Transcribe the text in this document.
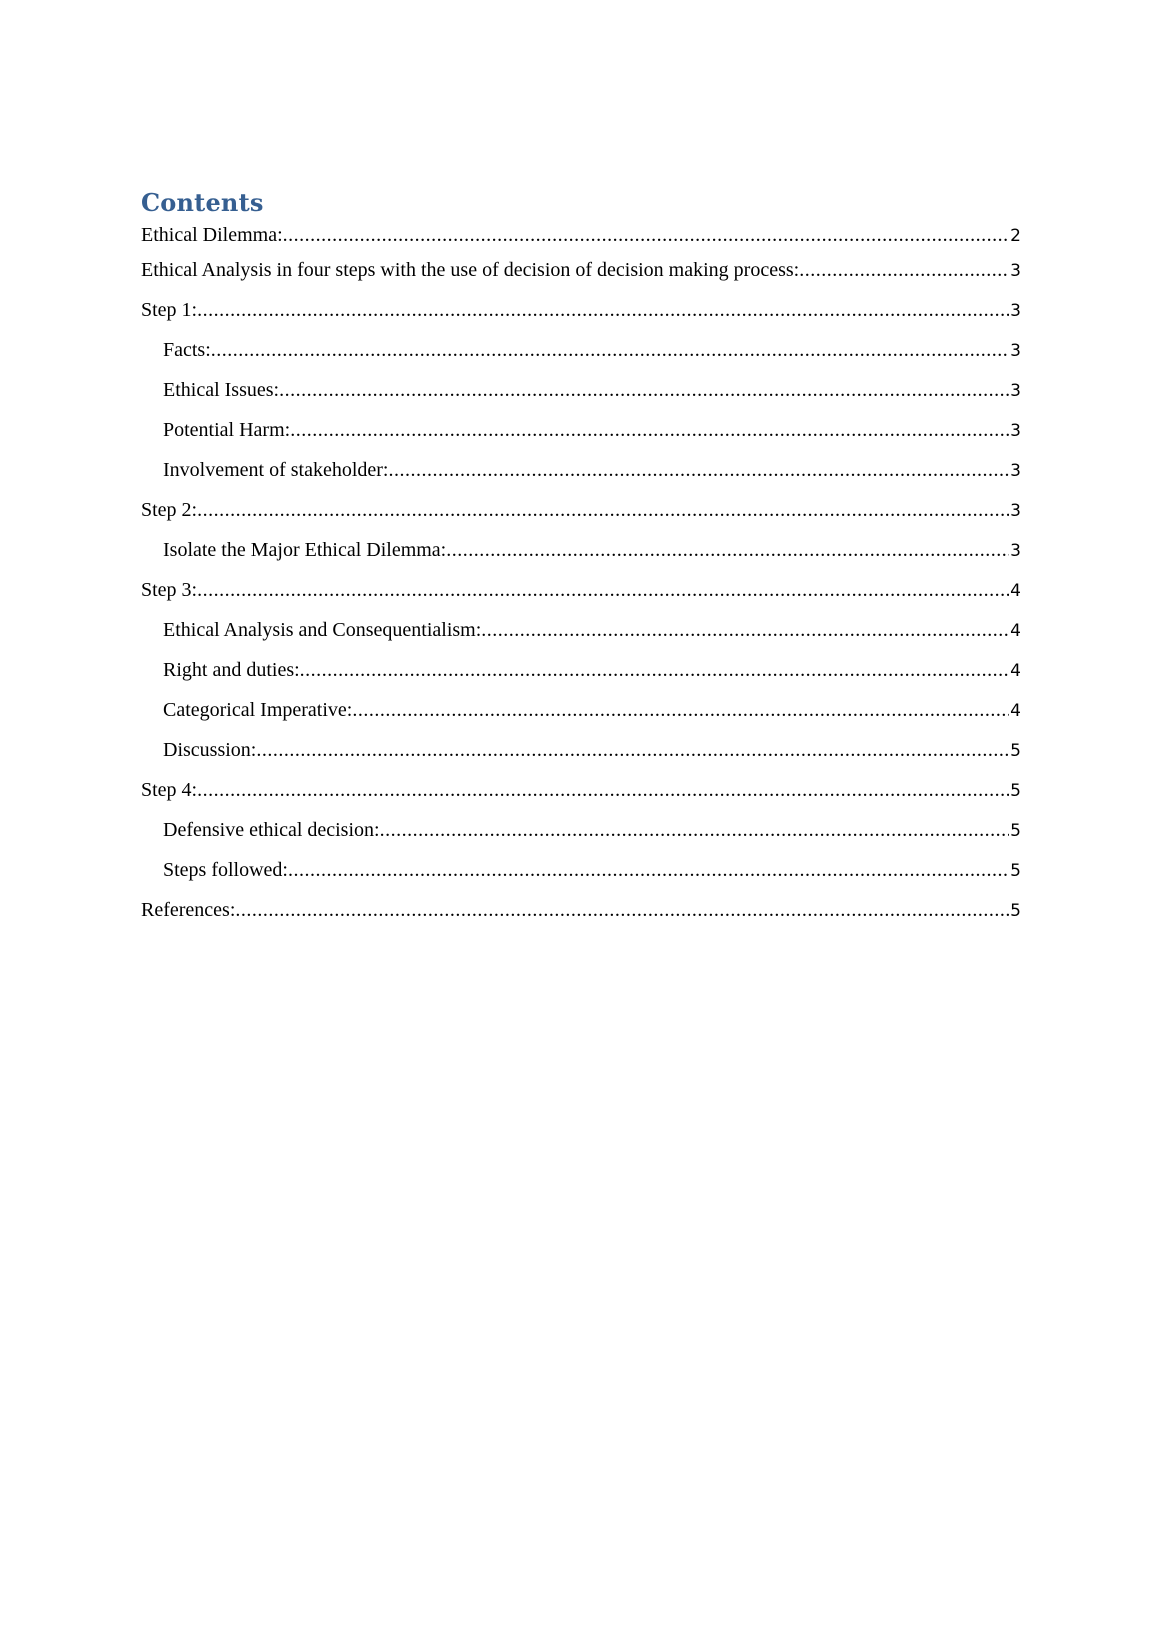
Contents
Ethical Dilemma: .....	2
Ethical Analysis in four steps with the use of decision of decision making process: .....	3
Step 1: .....	3
Facts: .....	3
Ethical Issues: .....	3
Potential Harm: .....	3
Involvement of stakeholder: .....	3
Step 2: .....	3
Isolate the Major Ethical Dilemma: .....	3
Step 3: .....	4
Ethical Analysis and Consequentialism: .....	4
Right and duties: .....	4
Categorical Imperative: .....	4
Discussion: .....	5
Step 4: .....	5
Defensive ethical decision: .....	5
Steps followed: .....	5
References: .....	5
